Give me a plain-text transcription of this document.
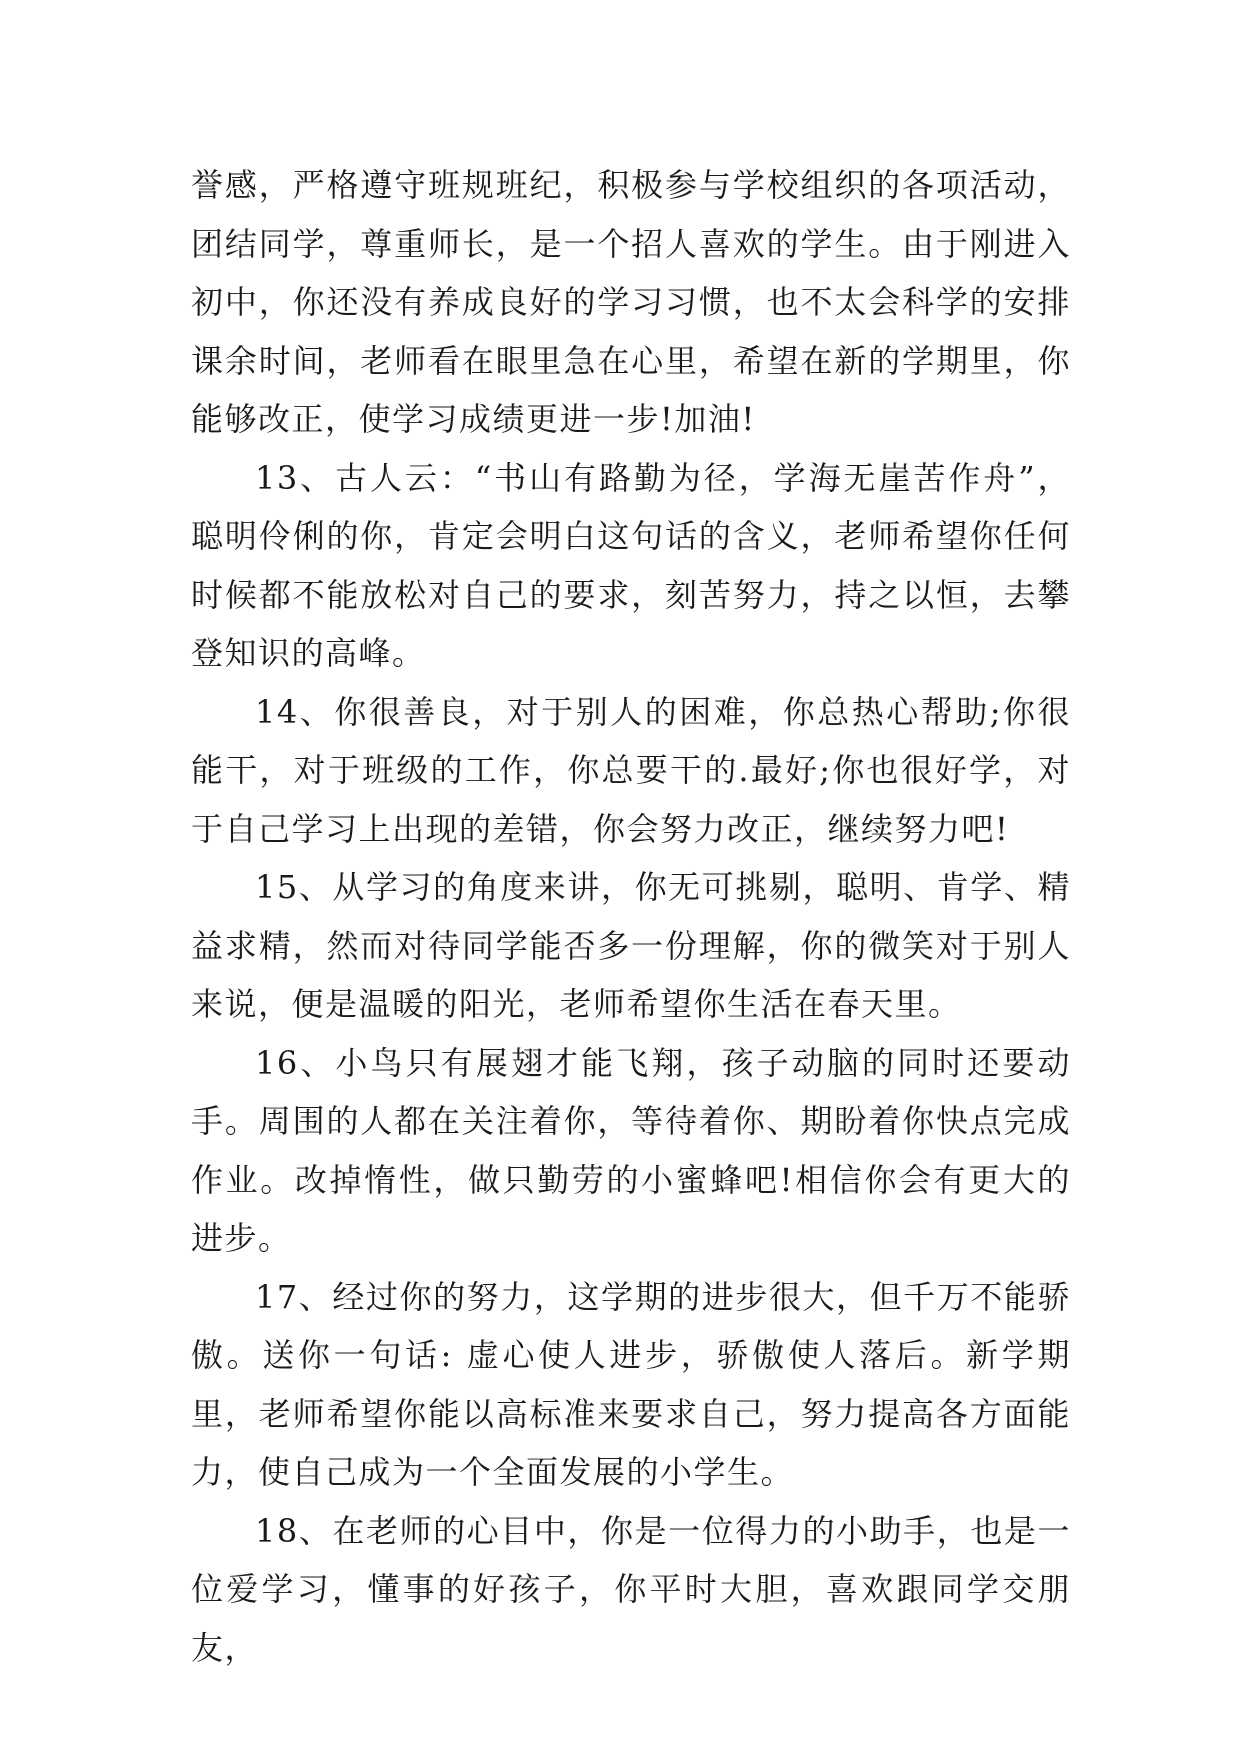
誉感，严格遵守班规班纪，积极参与学校组织的各项活动，团结同学，尊重师长，是一个招人喜欢的学生。由于刚进入初中，你还没有养成良好的学习习惯，也不太会科学的安排课余时间，老师看在眼里急在心里，希望在新的学期里，你能够改正，使学习成绩更进一步!加油!

13、古人云：“书山有路勤为径，学海无崖苦作舟”，聪明伶俐的你，肯定会明白这句话的含义，老师希望你任何时候都不能放松对自己的要求，刻苦努力，持之以恒，去攀登知识的高峰。

14、你很善良，对于别人的困难，你总热心帮助;你很能干，对于班级的工作，你总要干的.最好;你也很好学，对于自己学习上出现的差错，你会努力改正，继续努力吧!

15、从学习的角度来讲，你无可挑剔，聪明、肯学、精益求精，然而对待同学能否多一份理解，你的微笑对于别人来说，便是温暖的阳光，老师希望你生活在春天里。

16、小鸟只有展翅才能飞翔，孩子动脑的同时还要动手。周围的人都在关注着你，等待着你、期盼着你快点完成作业。改掉惰性，做只勤劳的小蜜蜂吧!相信你会有更大的进步。

17、经过你的努力，这学期的进步很大，但千万不能骄傲。送你一句话: 虚心使人进步，骄傲使人落后。新学期里，老师希望你能以高标准来要求自己，努力提高各方面能力，使自己成为一个全面发展的小学生。

18、在老师的心目中，你是一位得力的小助手，也是一位爱学习，懂事的好孩子，你平时大胆，喜欢跟同学交朋友，
